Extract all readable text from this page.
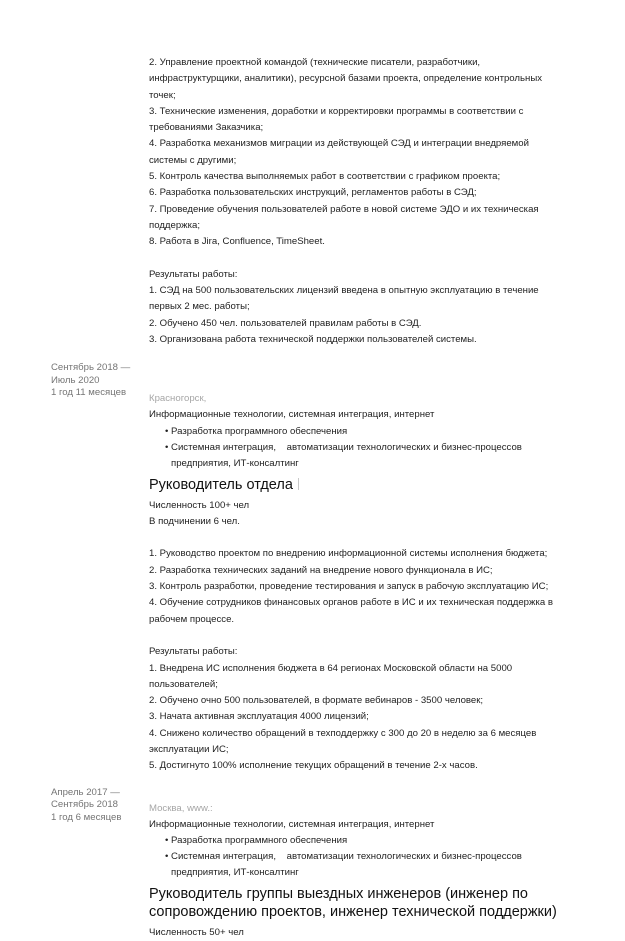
2. Управление проектной командой (технические писатели, разработчики,
инфраструктурщики, аналитики), ресурсной базами проекта, определение контрольных
точек;
3. Технические изменения, доработки и корректировки программы в соответствии с
требованиями Заказчика;
4. Разработка механизмов миграции из действующей СЭД и интеграции внедряемой
системы с другими;
5. Контроль качества выполняемых работ в соответствии с графиком проекта;
6. Разработка пользовательских инструкций, регламентов работы в СЭД;
7. Проведение обучения пользователей работе в новой системе ЭДО и их техническая
поддержка;
8. Работа в Jira, Confluence, TimeSheet.
Результаты работы:
1. СЭД на 500 пользовательских лицензий введена в опытную эксплуатацию в течение
первых 2 мес. работы;
2. Обучено 450 чел. пользователей правилам работы в СЭД.
3. Организована работа технической поддержки пользователей системы.
Сентябрь 2018 —
Июль 2020
1 год 11 месяцев
Красногорск,
Информационные технологии, системная интеграция, интернет
• Разработка программного обеспечения
• Системная интеграция,    автоматизации технологических и бизнес-процессов
предприятия, ИТ-консалтинг
Руководитель отдела
Численность 100+ чел
В подчинении 6 чел.
1. Руководство проектом по внедрению информационной системы исполнения бюджета;
2. Разработка технических заданий на внедрение нового функционала в ИС;
3. Контроль разработки, проведение тестирования и запуск в рабочую эксплуатацию ИС;
4. Обучение сотрудников финансовых органов работе в ИС и их техническая поддержка в
рабочем процессе.
Результаты работы:
1. Внедрена ИС исполнения бюджета в 64 регионах Московской области на 5000
пользователей;
2. Обучено очно 500 пользователей, в формате вебинаров - 3500 человек;
3. Начата активная эксплуатация 4000 лицензий;
4. Снижено количество обращений в техподдержку с 300 до 20 в неделю за 6 месяцев
эксплуатации ИС;
5. Достигнуто 100% исполнение текущих обращений в течение 2-х часов.
Апрель 2017 —
Сентябрь 2018
1 год 6 месяцев
Москва, www.:
Информационные технологии, системная интеграция, интернет
• Разработка программного обеспечения
• Системная интеграция,    автоматизации технологических и бизнес-процессов
предприятия, ИТ-консалтинг
Руководитель группы выездных инженеров (инженер по
сопровождению проектов, инженер технической поддержки)
Численность 50+ чел
